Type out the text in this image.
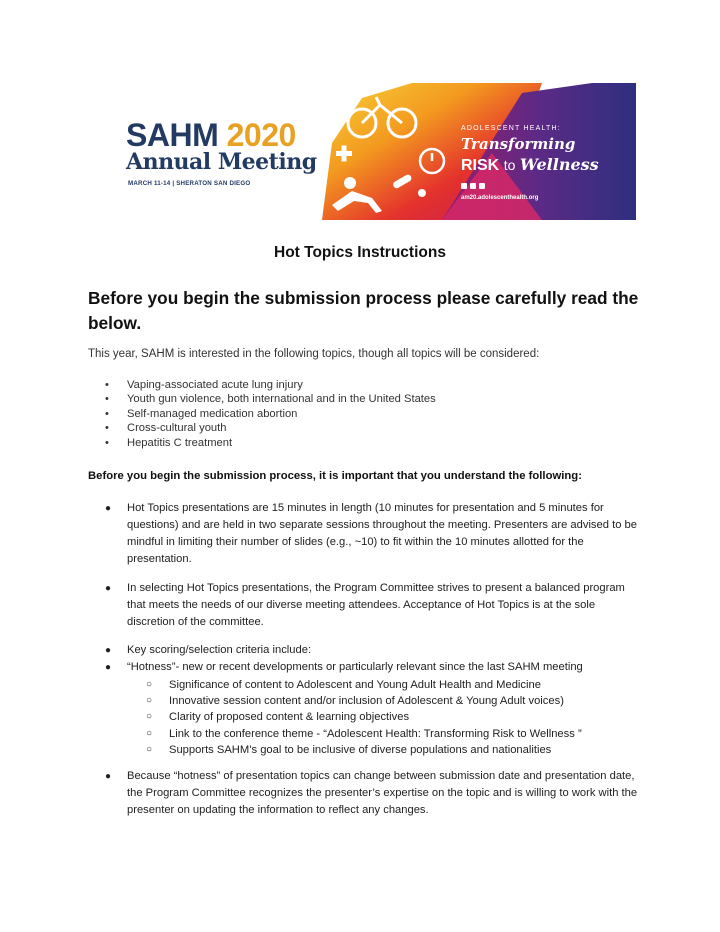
SAHM 2020
Annual Meeting
MARCH 11-14 | SHERATON SAN DIEGO
ADOLESCENT HEALTH:
Transforming
RISK to Wellness
am20.adolescenthealth.org
Hot Topics Instructions
Before you begin the submission process please carefully read the below.
This year, SAHM is interested in the following topics, though all topics will be considered:
• Vaping-associated acute lung injury
• Youth gun violence, both international and in the United States
• Self-managed medication abortion
• Cross-cultural youth
• Hepatitis C treatment
Before you begin the submission process, it is important that you understand the following:
● Hot Topics presentations are 15 minutes in length (10 minutes for presentation and 5 minutes for questions) and are held in two separate sessions throughout the meeting. Presenters are advised to be mindful in limiting their number of slides (e.g., ~10) to fit within the 10 minutes allotted for the presentation.
● In selecting Hot Topics presentations, the Program Committee strives to present a balanced program that meets the needs of our diverse meeting attendees. Acceptance of Hot Topics is at the sole discretion of the committee.
● Key scoring/selection criteria include:
● “Hotness”- new or recent developments or particularly relevant since the last SAHM meeting
○ Significance of content to Adolescent and Young Adult Health and Medicine
○ Innovative session content and/or inclusion of Adolescent & Young Adult voices)
○ Clarity of proposed content & learning objectives
○ Link to the conference theme - “Adolescent Health: Transforming Risk to Wellness ”
○ Supports SAHM’s goal to be inclusive of diverse populations and nationalities
● Because “hotness” of presentation topics can change between submission date and presentation date, the Program Committee recognizes the presenter’s expertise on the topic and is willing to work with the presenter on updating the information to reflect any changes.
